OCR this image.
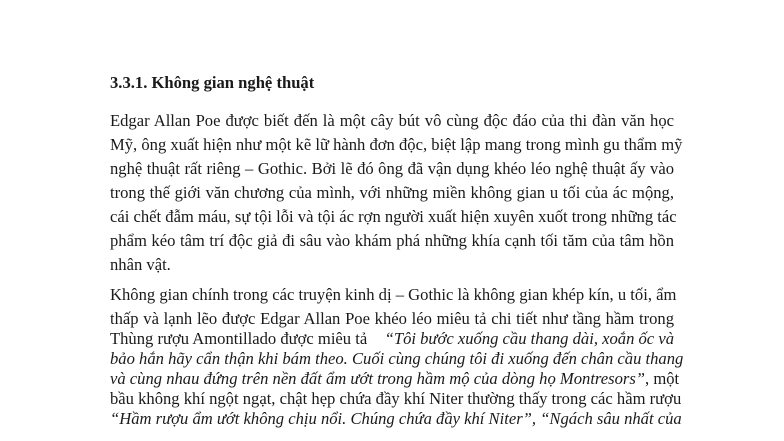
3.3.1. Không gian nghệ thuật
Edgar Allan Poe được biết đến là một cây bút vô cùng độc đáo của thi đàn văn học
Mỹ, ông xuất hiện như một kẽ lữ hành đơn độc, biệt lập mang trong mình gu thẩm mỹ
nghệ thuật rất riêng – Gothic. Bởi lẽ đó ông đã vận dụng khéo léo nghệ thuật ấy vào
trong thế giới văn chương của mình, với những miền không gian u tối của ác mộng,
cái chết đẫm máu, sự tội lỗi và tội ác rợn người xuất hiện xuyên xuốt trong những tác
phẩm kéo tâm trí độc giả đi sâu vào khám phá những khía cạnh tối tăm của tâm hồn
nhân vật.
Không gian chính trong các truyện kinh dị – Gothic là không gian khép kín, u tối, ẩm
thấp và lạnh lẽo được Edgar Allan Poe khéo léo miêu tả chi tiết như tầng hầm trong
Thùng rượu Amontillado được miêu tả “Tôi bước xuống cầu thang dài, xoắn ốc và
bảo hắn hãy cẩn thận khi bám theo. Cuối cùng chúng tôi đi xuống đến chân cầu thang
và cùng nhau đứng trên nền đất ẩm ướt trong hầm mộ của dòng họ Montresors” , một
bầu không khí ngột ngạt, chật hẹp chứa đầy khí Niter thường thấy trong các hầm rượu
“Hầm rượu ẩm ướt không chịu nổi. Chúng chứa đầy khí Niter”, “Ngách sâu nhất của
